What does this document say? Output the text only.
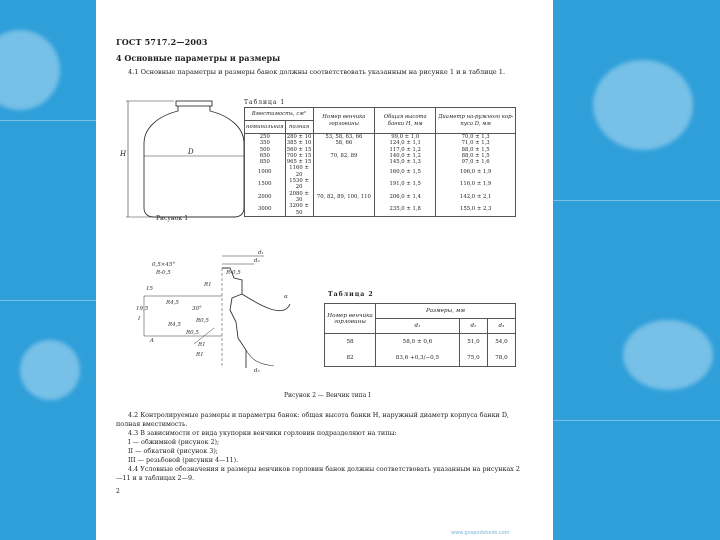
ГОСТ 5717.2—2003
4 Основные параметры и размеры
4.1 Основные параметры и размеры банок должны соответствовать указанным на рисунке 1 и в таблице 1.
H	D
Рисунок 1
Таблица 1
Вместимость, см³		Номер венчика горловины	Общая высота банки H, мм	Диаметр на-ружного кор-пуса D, мм
номинальная	полная			
250	280 ± 10	53, 58, 63, 66	99,0 ± 1,0	70,0 ± 1,3
350	385 ± 10	58, 66	124,0 ± 1,1	71,0 ± 1,3
500	560 ± 15		117,0 ± 1,2	88,0 ± 1,5
650	700 ± 15	70, 82, 89	140,0 ± 1,2	88,0 ± 1,5
850	965 ± 15		145,0 ± 1,3	97,0 ± 1,6
1000	1160 ± 20		160,0 ± 1,5	106,0 ± 1,9
1500	1530 ± 20		191,0 ± 1,5	116,0 ± 1,9
2000	2080 ± 30	70, 82, 89, 100, 110	206,0 ± 1,4	142,0 ± 2,1
3000	3200 ± 50		235,0 ± 1,8	155,0 ± 2,3
d₁
d₂
0,5×45°
R-0,5	R-0,5
R1
15
19,5
R4,5
R4,5
α
30°
R0,5
R1
R0,5
R1
I
d₃
A
Таблица 2
Номер венчика горловины	Размеры, мм		
	d₁	d₂	d₃
58	58,0 ± 0,6	51,0	54,0
82	83,6 +0,3/−0,5	75,0	78,0
Рисунок 2 — Венчик типа I
4.2 Контролируемые размеры и параметры банок: общая высота банки H, наружный диаметр корпуса банки D, полная вместимость.
4.3 В зависимости от вида укупорки венчики горловин подразделяют на типы:
I — обжимной (рисунок 2);
II — обкатной (рисунок 3);
III — резьбовой (рисунки 4—11).
4.4 Условные обозначения и размеры венчиков горловин банок должны соответствовать указанным на рисунках 2—11 и в таблицах 2—9.
2
www.gospodsheds.com
